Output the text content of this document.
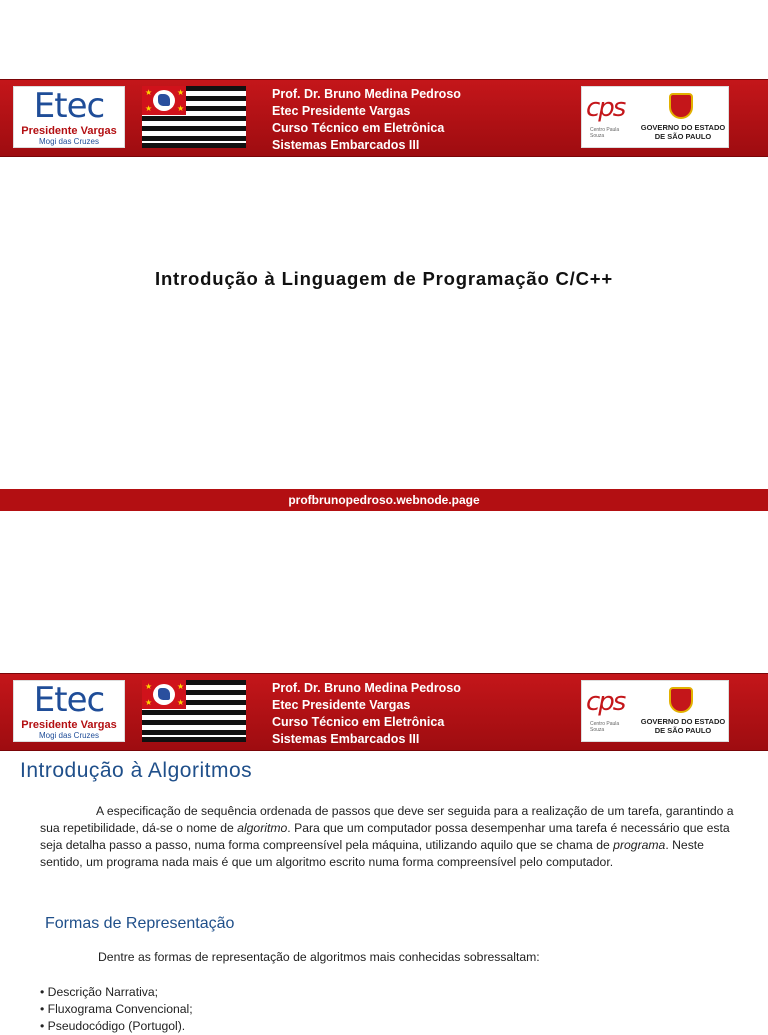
Etec
Presidente Vargas
Mogi das Cruzes
★	★
★	★
Prof. Dr. Bruno Medina Pedroso
Etec Presidente Vargas
Curso Técnico em Eletrônica
Sistemas Embarcados III
cps
Centro Paula Souza
GOVERNO DO ESTADO
DE SÃO PAULO
Introdução à Linguagem de Programação C/C++
profbrunopedroso.webnode.page
Etec
Presidente Vargas
Mogi das Cruzes
★	★
★	★
Prof. Dr. Bruno Medina Pedroso
Etec Presidente Vargas
Curso Técnico em Eletrônica
Sistemas Embarcados III
cps
Centro Paula Souza
GOVERNO DO ESTADO
DE SÃO PAULO
Introdução à Algoritmos
A especificação de sequência ordenada de passos que deve ser seguida para a realização de um tarefa, garantindo a sua repetibilidade, dá-se o nome de algoritmo. Para que um computador possa desempenhar uma tarefa é necessário que esta seja detalha passo a passo, numa forma compreensível pela máquina, utilizando aquilo que se chama de programa. Neste sentido, um programa nada mais é que um algoritmo escrito numa forma compreensível pelo computador.
Formas de Representação
Dentre as formas de representação de algoritmos mais conhecidas sobressaltam:
• Descrição Narrativa;
• Fluxograma Convencional;
• Pseudocódigo (Portugol).
